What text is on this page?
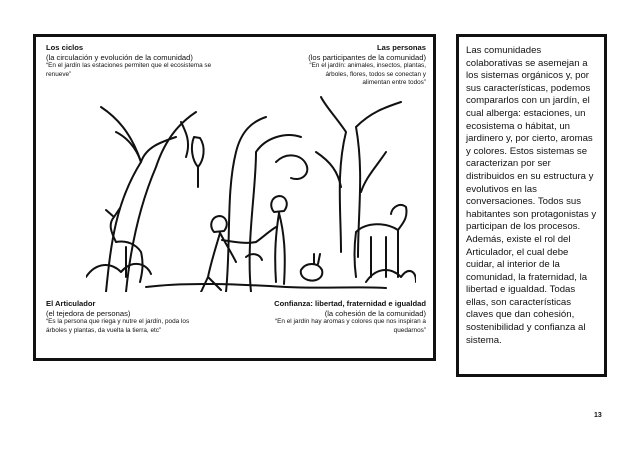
Los ciclos
(la circulación y evolución de la comunidad)
“En el jardín las estaciones permiten que el ecosistema se renueve”
Las personas
(los participantes de la comunidad)
“En el jardín: animales, insectos, plantas, árboles, flores, todos se conectan y alimentan entre todos”
El Articulador
(el tejedora de personas)
“Es la persona que riega y nutre el jardín, poda los árboles y plantas, da vuelta la tierra, etc”
Confianza: libertad, fraternidad e igualdad
(la cohesión de la comunidad)
“En el jardín hay aromas y colores que nos inspiran a quedarnos”

Las comunidades colaborativas se asemejan a los sistemas orgánicos y, por sus características, podemos compararlos con un jardín, el cual alberga: estaciones, un ecosistema o hábitat, un jardinero y, por cierto, aromas y colores. Estos sistemas se caracterizan por ser distribuidos en su estructura y evolutivos en las conversaciones. Todos sus habitantes son protagonistas y participan de los procesos. Además, existe el rol del Articulador, el cual debe cuidar, al interior de la comunidad, la fraternidad, la libertad e igualdad. Todas ellas, son características claves que dan cohesión, sostenibilidad y confianza al sistema.

13
